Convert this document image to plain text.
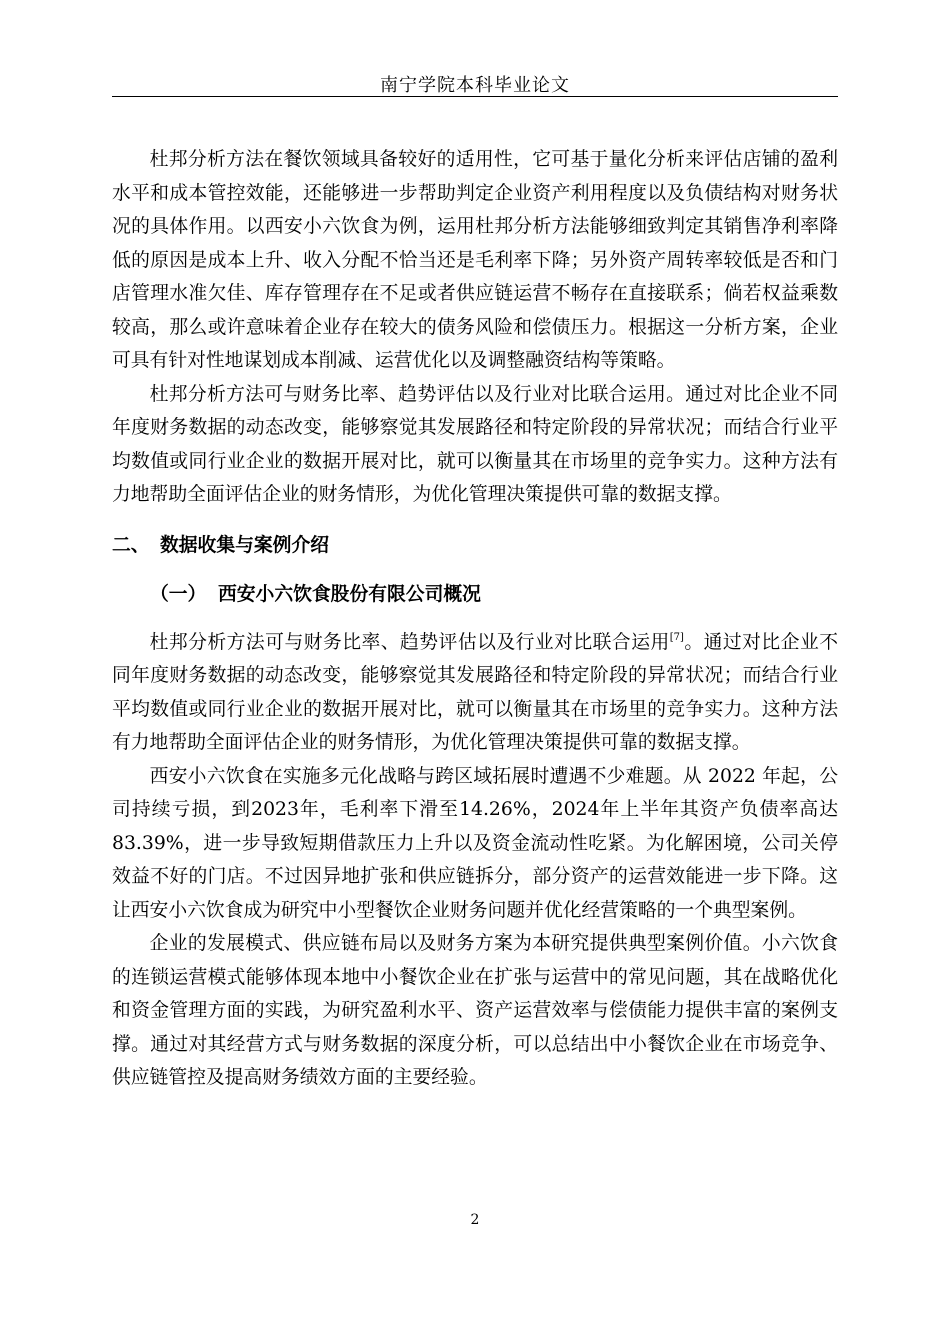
南宁学院本科毕业论文

杜邦分析方法在餐饮领域具备较好的适用性，它可基于量化分析来评估店铺的盈利水平和成本管控效能，还能够进一步帮助判定企业资产利用程度以及负债结构对财务状况的具体作用。以西安小六饮食为例，运用杜邦分析方法能够细致判定其销售净利率降低的原因是成本上升、收入分配不恰当还是毛利率下降；另外资产周转率较低是否和门店管理水准欠佳、库存管理存在不足或者供应链运营不畅存在直接联系；倘若权益乘数较高，那么或许意味着企业存在较大的债务风险和偿债压力。根据这一分析方案，企业可具有针对性地谋划成本削减、运营优化以及调整融资结构等策略。

杜邦分析方法可与财务比率、趋势评估以及行业对比联合运用。通过对比企业不同年度财务数据的动态改变，能够察觉其发展路径和特定阶段的异常状况；而结合行业平均数值或同行业企业的数据开展对比，就可以衡量其在市场里的竞争实力。这种方法有力地帮助全面评估企业的财务情形，为优化管理决策提供可靠的数据支撑。

二、 数据收集与案例介绍

（一） 西安小六饮食股份有限公司概况

杜邦分析方法可与财务比率、趋势评估以及行业对比联合运用[7]。通过对比企业不同年度财务数据的动态改变，能够察觉其发展路径和特定阶段的异常状况；而结合行业平均数值或同行业企业的数据开展对比，就可以衡量其在市场里的竞争实力。这种方法有力地帮助全面评估企业的财务情形，为优化管理决策提供可靠的数据支撑。

西安小六饮食在实施多元化战略与跨区域拓展时遭遇不少难题。从 2022 年起，公司持续亏损，到2023年，毛利率下滑至14.26%，2024年上半年其资产负债率高达83.39%，进一步导致短期借款压力上升以及资金流动性吃紧。为化解困境，公司关停效益不好的门店。不过因异地扩张和供应链拆分，部分资产的运营效能进一步下降。这让西安小六饮食成为研究中小型餐饮企业财务问题并优化经营策略的一个典型案例。

企业的发展模式、供应链布局以及财务方案为本研究提供典型案例价值。小六饮食的连锁运营模式能够体现本地中小餐饮企业在扩张与运营中的常见问题，其在战略优化和资金管理方面的实践，为研究盈利水平、资产运营效率与偿债能力提供丰富的案例支撑。通过对其经营方式与财务数据的深度分析，可以总结出中小餐饮企业在市场竞争、供应链管控及提高财务绩效方面的主要经验。

2
